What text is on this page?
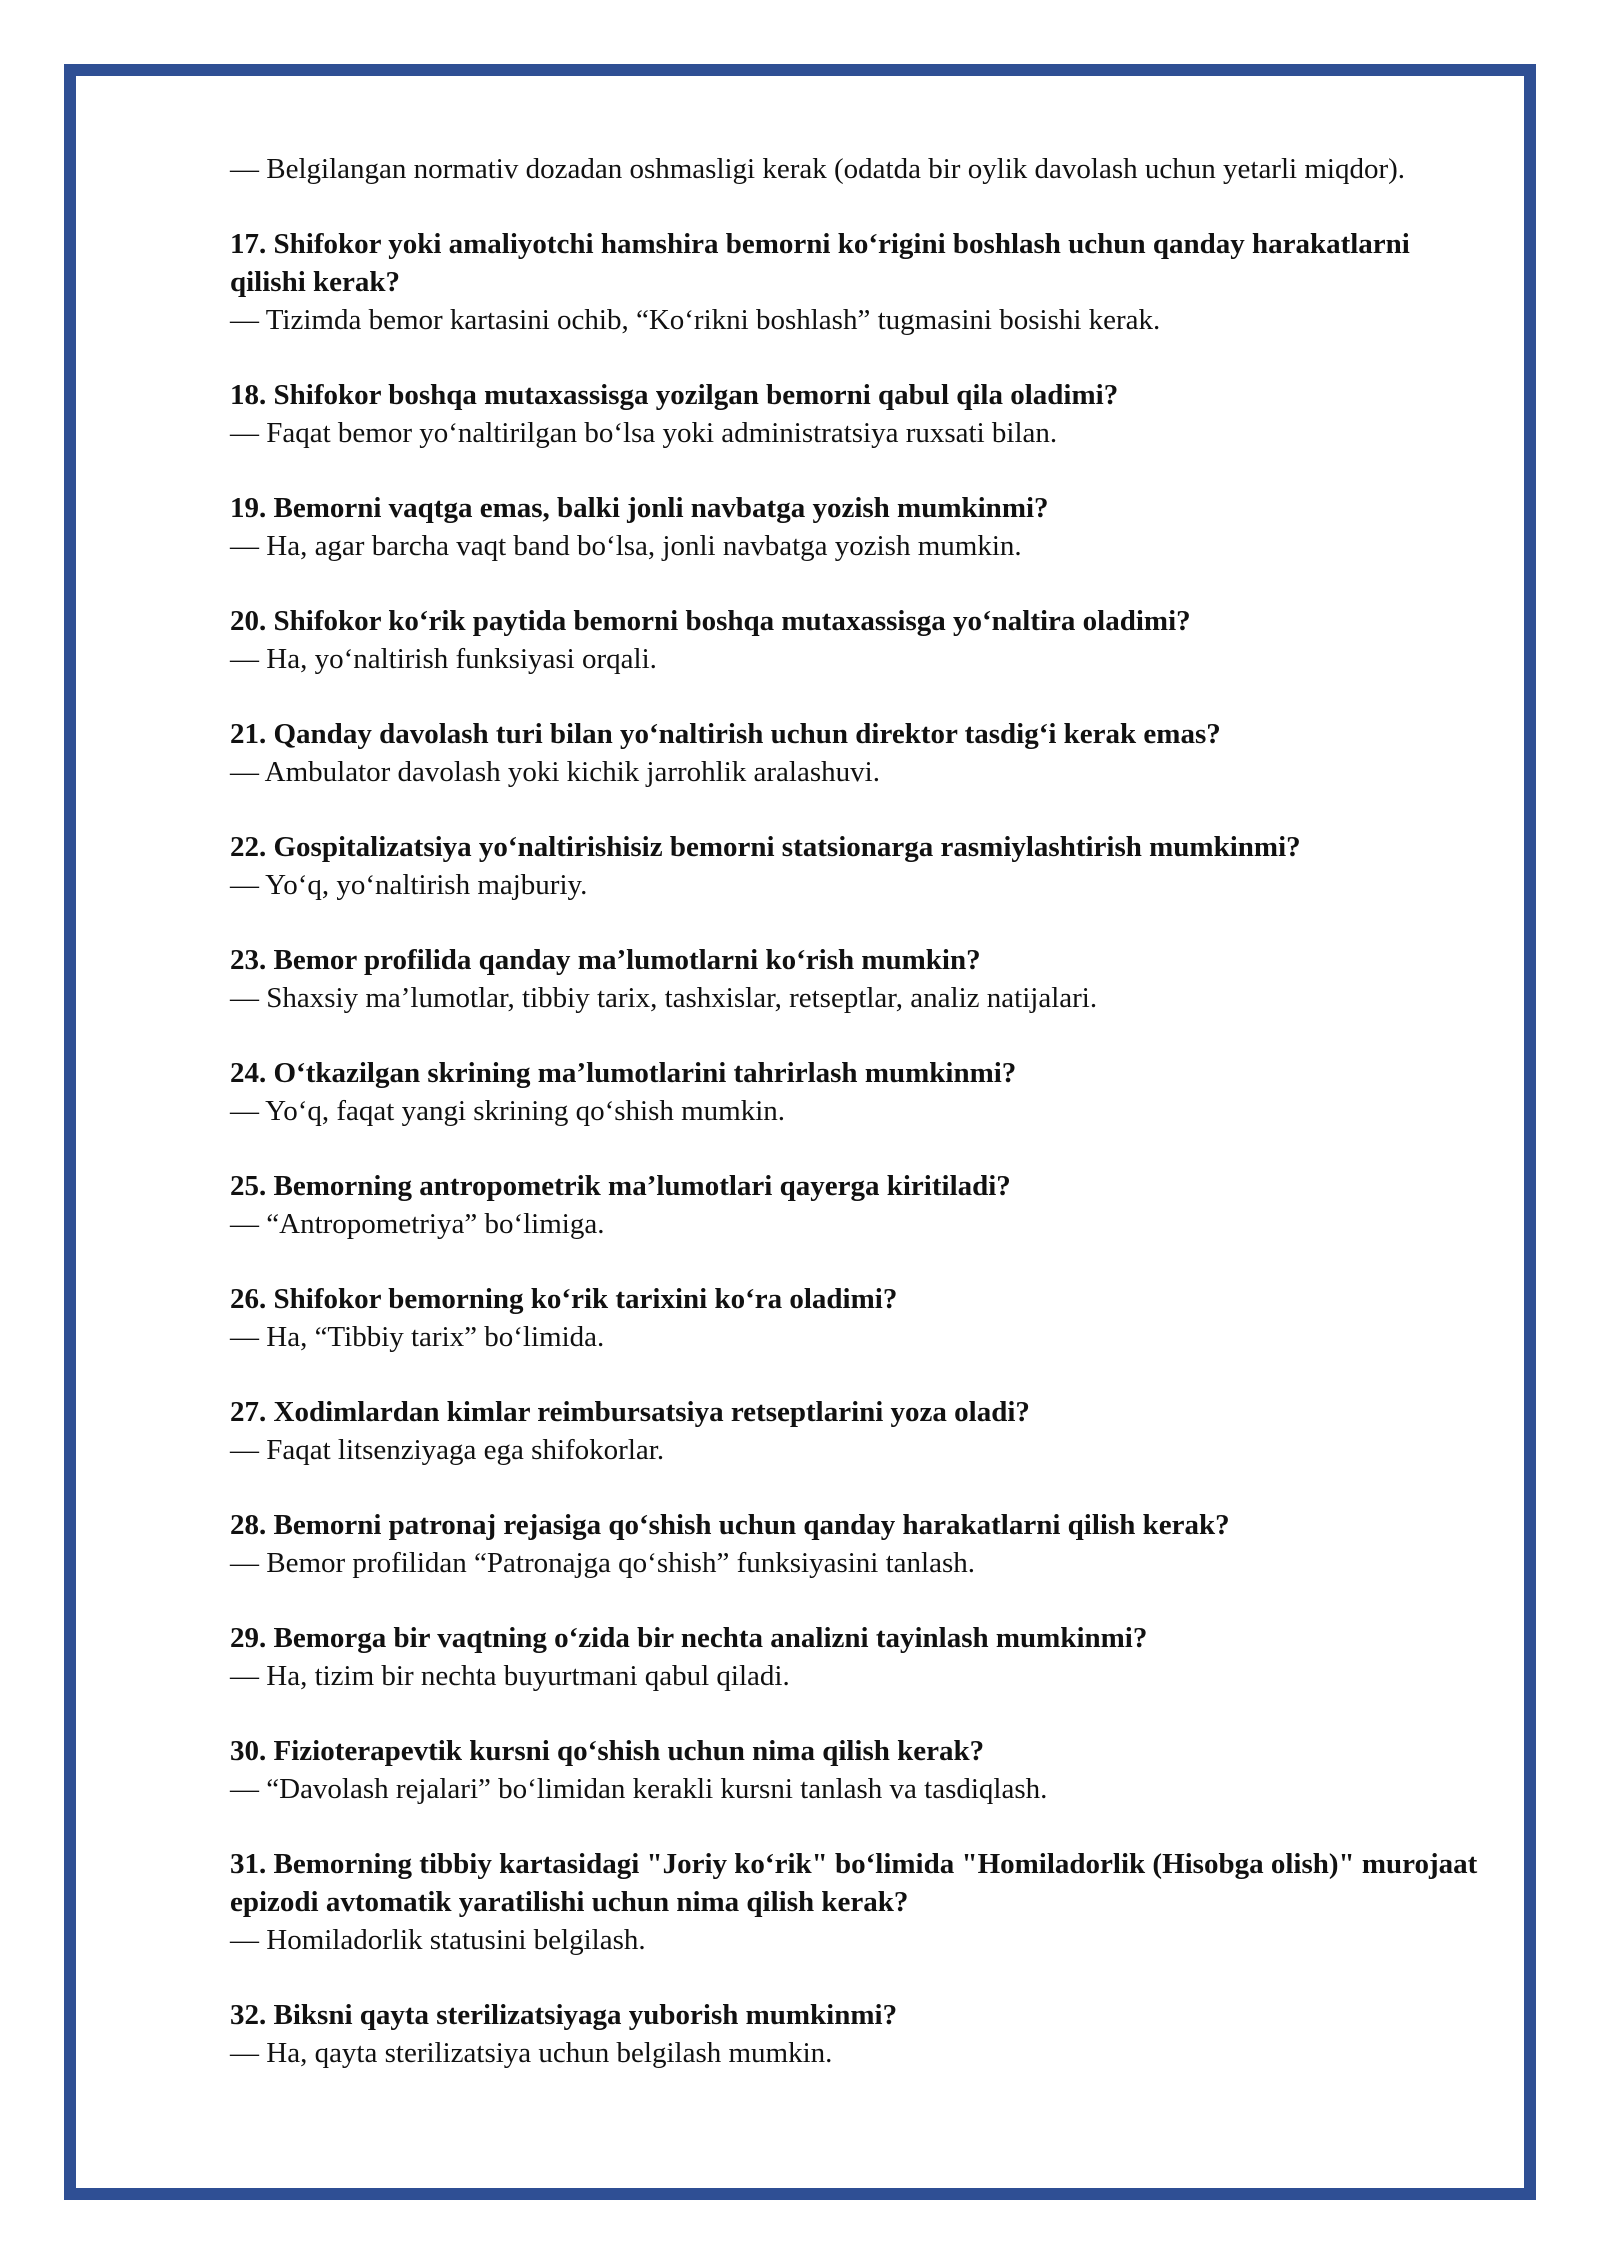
— Belgilangan normativ dozadan oshmasligi kerak (odatda bir oylik davolash uchun yetarli miqdor).

17. Shifokor yoki amaliyotchi hamshira bemorni ko‘rigini boshlash uchun qanday harakatlarni qilishi kerak?

— Tizimda bemor kartasini ochib, “Ko‘rikni boshlash” tugmasini bosishi kerak.

18. Shifokor boshqa mutaxassisga yozilgan bemorni qabul qila oladimi?

— Faqat bemor yo‘naltirilgan bo‘lsa yoki administratsiya ruxsati bilan.

19. Bemorni vaqtga emas, balki jonli navbatga yozish mumkinmi?

— Ha, agar barcha vaqt band bo‘lsa, jonli navbatga yozish mumkin.

20. Shifokor ko‘rik paytida bemorni boshqa mutaxassisga yo‘naltira oladimi?

— Ha, yo‘naltirish funksiyasi orqali.

21. Qanday davolash turi bilan yo‘naltirish uchun direktor tasdig‘i kerak emas?

— Ambulator davolash yoki kichik jarrohlik aralashuvi.

22. Gospitalizatsiya yo‘naltirishisiz bemorni statsionarga rasmiylashtirish mumkinmi?

— Yo‘q, yo‘naltirish majburiy.

23. Bemor profilida qanday ma’lumotlarni ko‘rish mumkin?

— Shaxsiy ma’lumotlar, tibbiy tarix, tashxislar, retseptlar, analiz natijalari.

24. O‘tkazilgan skrining ma’lumotlarini tahrirlash mumkinmi?

— Yo‘q, faqat yangi skrining qo‘shish mumkin.

25. Bemorning antropometrik ma’lumotlari qayerga kiritiladi?

— “Antropometriya” bo‘limiga.

26. Shifokor bemorning ko‘rik tarixini ko‘ra oladimi?

— Ha, “Tibbiy tarix” bo‘limida.

27. Xodimlardan kimlar reimbursatsiya retseptlarini yoza oladi?

— Faqat litsenziyaga ega shifokorlar.

28. Bemorni patronaj rejasiga qo‘shish uchun qanday harakatlarni qilish kerak?

— Bemor profilidan “Patronajga qo‘shish” funksiyasini tanlash.

29. Bemorga bir vaqtning o‘zida bir nechta analizni tayinlash mumkinmi?

— Ha, tizim bir nechta buyurtmani qabul qiladi.

30. Fizioterapevtik kursni qo‘shish uchun nima qilish kerak?

— “Davolash rejalari” bo‘limidan kerakli kursni tanlash va tasdiqlash.

31. Bemorning tibbiy kartasidagi "Joriy ko‘rik" bo‘limida "Homiladorlik (Hisobga olish)" murojaat epizodi avtomatik yaratilishi uchun nima qilish kerak?

— Homiladorlik statusini belgilash.

32. Biksni qayta sterilizatsiyaga yuborish mumkinmi?

— Ha, qayta sterilizatsiya uchun belgilash mumkin.
